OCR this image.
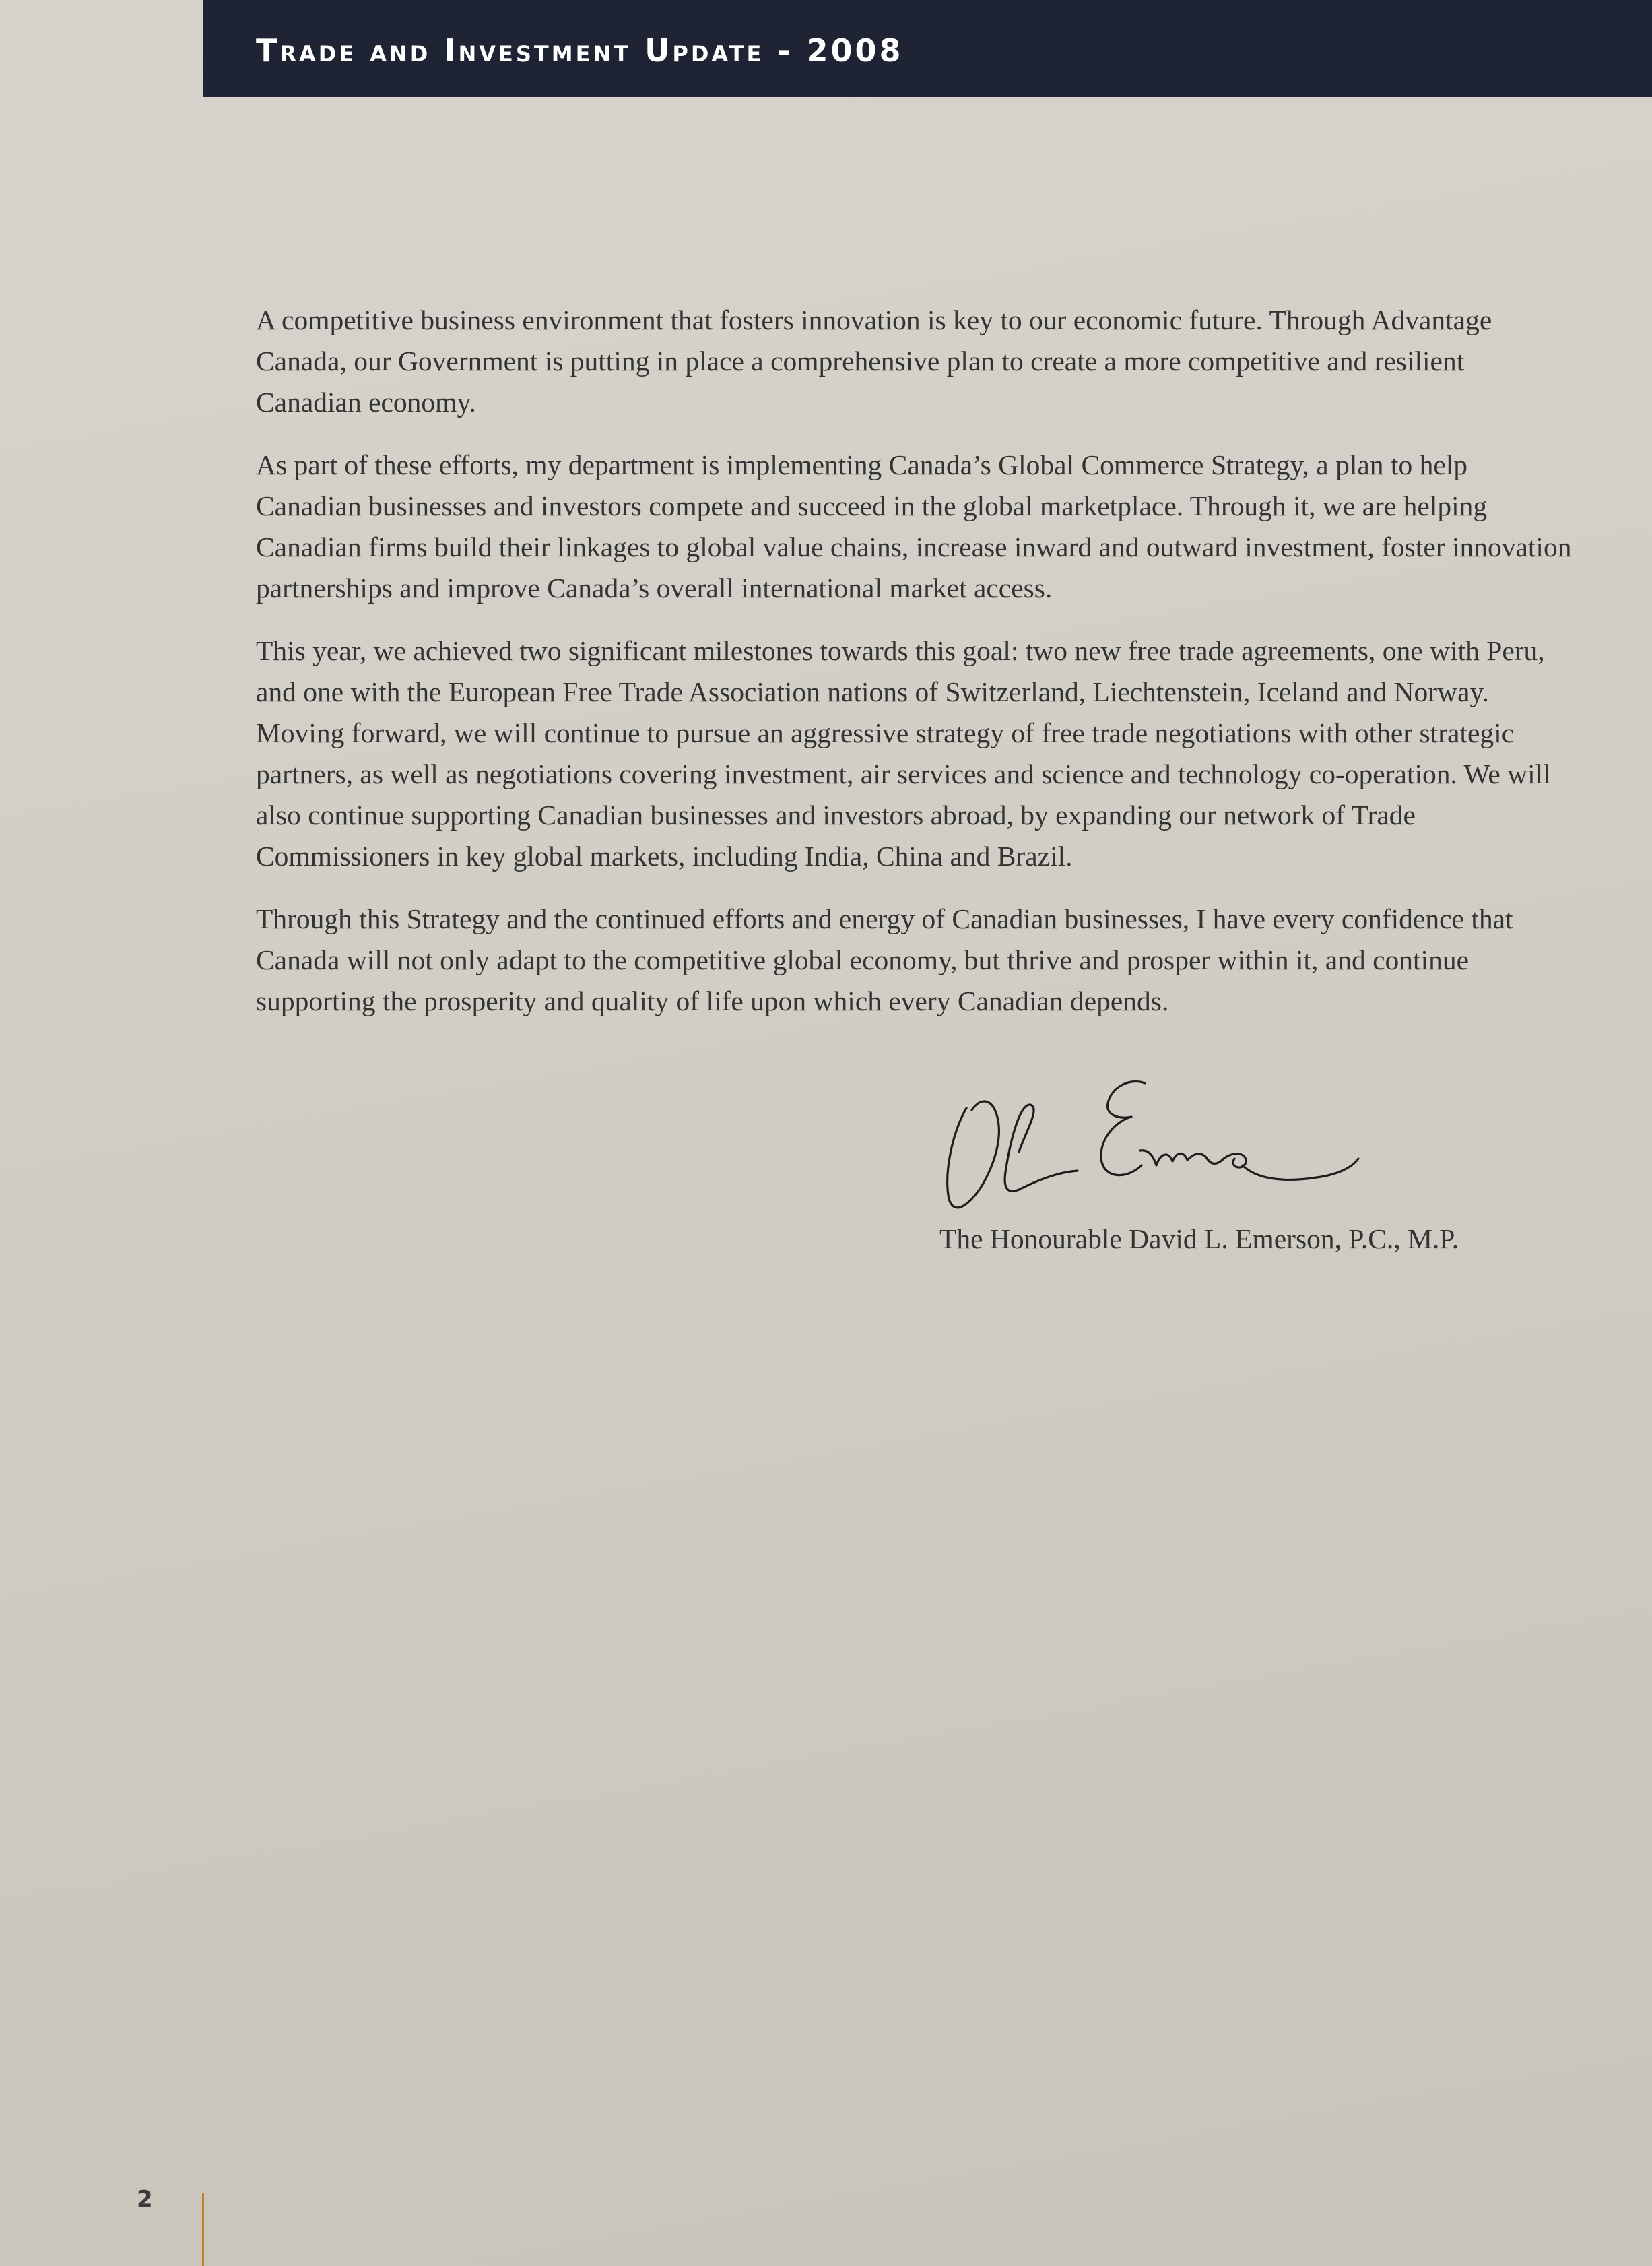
Trade and Investment Update - 2008

A competitive business environment that fosters innovation is key to our economic future. Through Advantage Canada, our Government is putting in place a comprehensive plan to create a more competitive and resilient Canadian economy.

As part of these efforts, my department is implementing Canada’s Global Commerce Strategy, a plan to help Canadian businesses and investors compete and succeed in the global marketplace. Through it, we are helping Canadian firms build their linkages to global value chains, increase inward and outward investment, foster innovation partnerships and improve Canada’s overall international market access.

This year, we achieved two significant milestones towards this goal: two new free trade agreements, one with Peru, and one with the European Free Trade Association nations of Switzerland, Liechtenstein, Iceland and Norway. Moving forward, we will continue to pursue an aggressive strategy of free trade negotiations with other strategic partners, as well as negotiations covering investment, air services and science and technology co-operation. We will also continue supporting Canadian businesses and investors abroad, by expanding our network of Trade Commissioners in key global markets, including India, China and Brazil.

Through this Strategy and the continued efforts and energy of Canadian businesses, I have every confidence that Canada will not only adapt to the competitive global economy, but thrive and prosper within it, and continue supporting the prosperity and quality of life upon which every Canadian depends.

The Honourable David L. Emerson, P.C., M.P.

2
